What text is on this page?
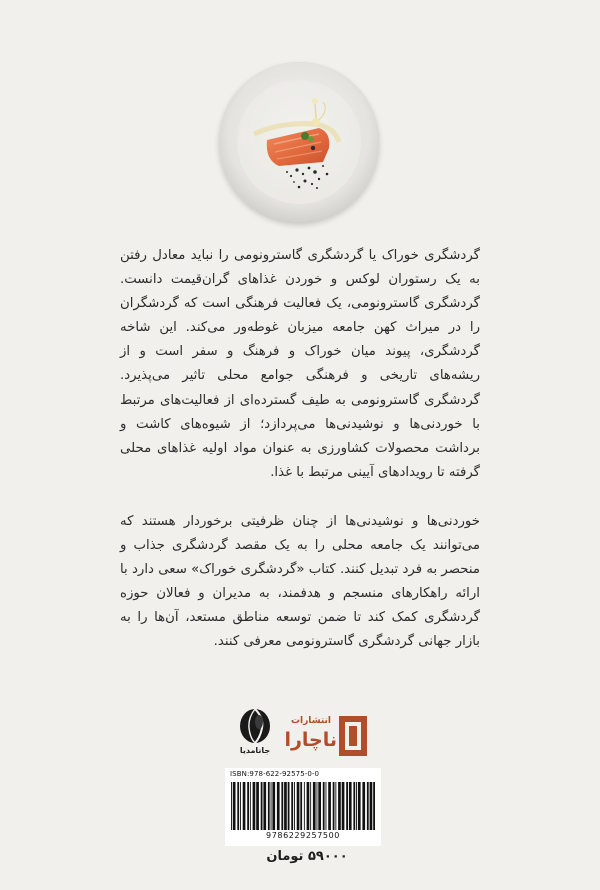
گردشگری خوراک یا گردشگری گاسترونومی را نباید معادل رفتن به یک رستوران لوکس و خوردن غذاهای گران‌قیمت دانست. گردشگری گاسترونومی، یک فعالیت فرهنگی است که گردشگران را در میراث کهن جامعه میزبان غوطه‌ور می‌کند. این شاخه گردشگری، پیوند میان خوراک و فرهنگ و سفر است و از ریشه‌های تاریخی و فرهنگی جوامع محلی تاثیر می‌پذیرد. گردشگری گاسترونومی به طیف گسترده‌ای از فعالیت‌های مرتبط با خوردنی‌ها و نوشیدنی‌ها می‌پردازد؛ از شیوه‌های کاشت و برداشت محصولات کشاورزی به عنوان مواد اولیه غذاهای محلی گرفته تا رویدادهای آیینی مرتبط با غذا.

خوردنی‌ها و نوشیدنی‌ها از چنان ظرفیتی برخوردار هستند که می‌توانند یک جامعه محلی را به یک مقصد گردشگری جذاب و منحصر به فرد تبدیل کنند. کتاب «گردشگری خوراک» سعی دارد با ارائه راهکارهای منسجم و هدفمند، به مدیران و فعالان حوزه گردشگری کمک کند تا ضمن توسعه مناطق مستعد، آن‌ها را به بازار جهانی گردشگری گاسترونومی معرفی کنند.

جانامدیا
انتشارات
ناچارا
ISBN:978-622-92575-0-0
9786229257500
۵۹۰۰۰ تومان
